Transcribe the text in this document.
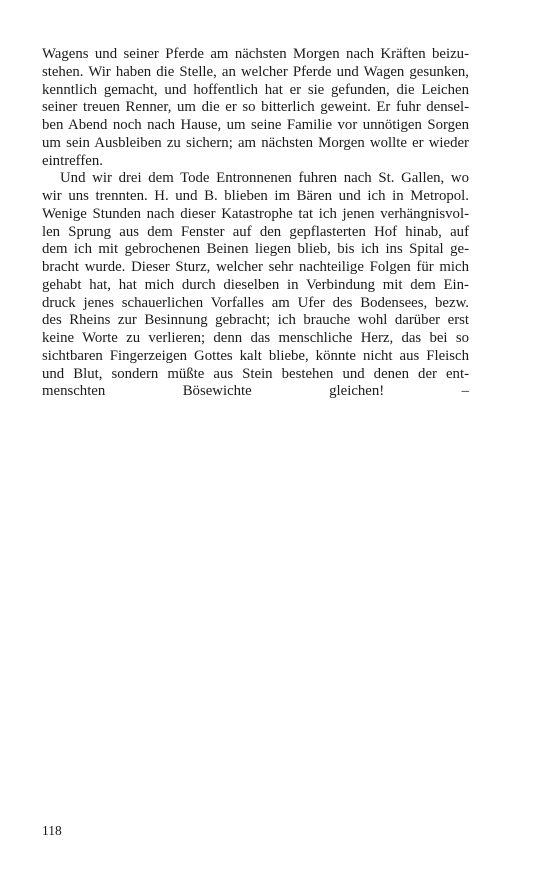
Wagens und seiner Pferde am nächsten Morgen nach Kräften beizu-
stehen. Wir haben die Stelle, an welcher Pferde und Wagen gesunken,
kenntlich gemacht, und hoffentlich hat er sie gefunden, die Leichen
seiner treuen Renner, um die er so bitterlich geweint. Er fuhr densel-
ben Abend noch nach Hause, um seine Familie vor unnötigen Sorgen
um sein Ausbleiben zu sichern; am nächsten Morgen wollte er wieder
eintreffen.

Und wir drei dem Tode Entronnenen fuhren nach St. Gallen, wo
wir uns trennten. H. und B. blieben im Bären und ich in Metropol.
Wenige Stunden nach dieser Katastrophe tat ich jenen verhängnisvol-
len Sprung aus dem Fenster auf den gepflasterten Hof hinab, auf
dem ich mit gebrochenen Beinen liegen blieb, bis ich ins Spital ge-
bracht wurde. Dieser Sturz, welcher sehr nachteilige Folgen für mich
gehabt hat, hat mich durch dieselben in Verbindung mit dem Ein-
druck jenes schauerlichen Vorfalles am Ufer des Bodensees, bezw.
des Rheins zur Besinnung gebracht; ich brauche wohl darüber erst
keine Worte zu verlieren; denn das menschliche Herz, das bei so
sichtbaren Fingerzeigen Gottes kalt bliebe, könnte nicht aus Fleisch
und Blut, sondern müßte aus Stein bestehen und denen der ent-
menschten Bösewichte gleichen! –

118
